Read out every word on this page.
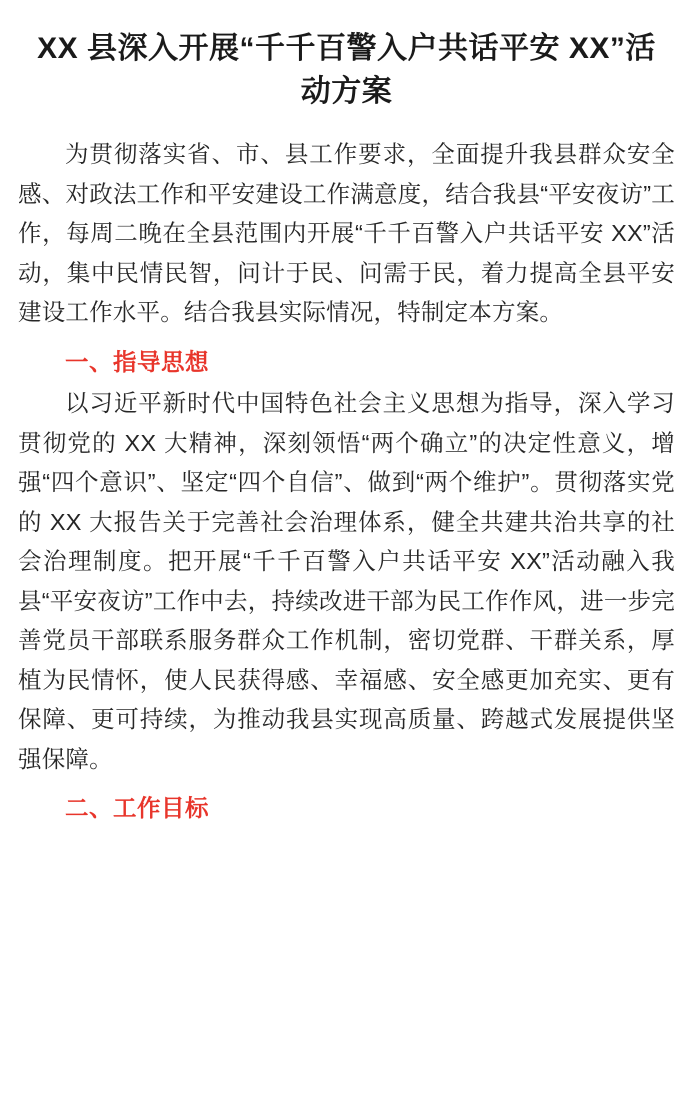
XX 县深入开展“千千百警入户共话平安 XX”活动方案

为贯彻落实省、市、县工作要求，全面提升我县群众安全感、对政法工作和平安建设工作满意度，结合我县“平安夜访”工作，每周二晚在全县范围内开展“千千百警入户共话平安 XX”活动，集中民情民智，问计于民、问需于民，着力提高全县平安建设工作水平。结合我县实际情况，特制定本方案。

一、指导思想

以习近平新时代中国特色社会主义思想为指导，深入学习贯彻党的 XX 大精神，深刻领悟“两个确立”的决定性意义，增强“四个意识”、坚定“四个自信”、做到“两个维护”。贯彻落实党的 XX 大报告关于完善社会治理体系，健全共建共治共享的社会治理制度。把开展“千千百警入户共话平安 XX”活动融入我县“平安夜访”工作中去，持续改进干部为民工作作风，进一步完善党员干部联系服务群众工作机制，密切党群、干群关系，厚植为民情怀，使人民获得感、幸福感、安全感更加充实、更有保障、更可持续，为推动我县实现高质量、跨越式发展提供坚强保障。

二、工作目标
